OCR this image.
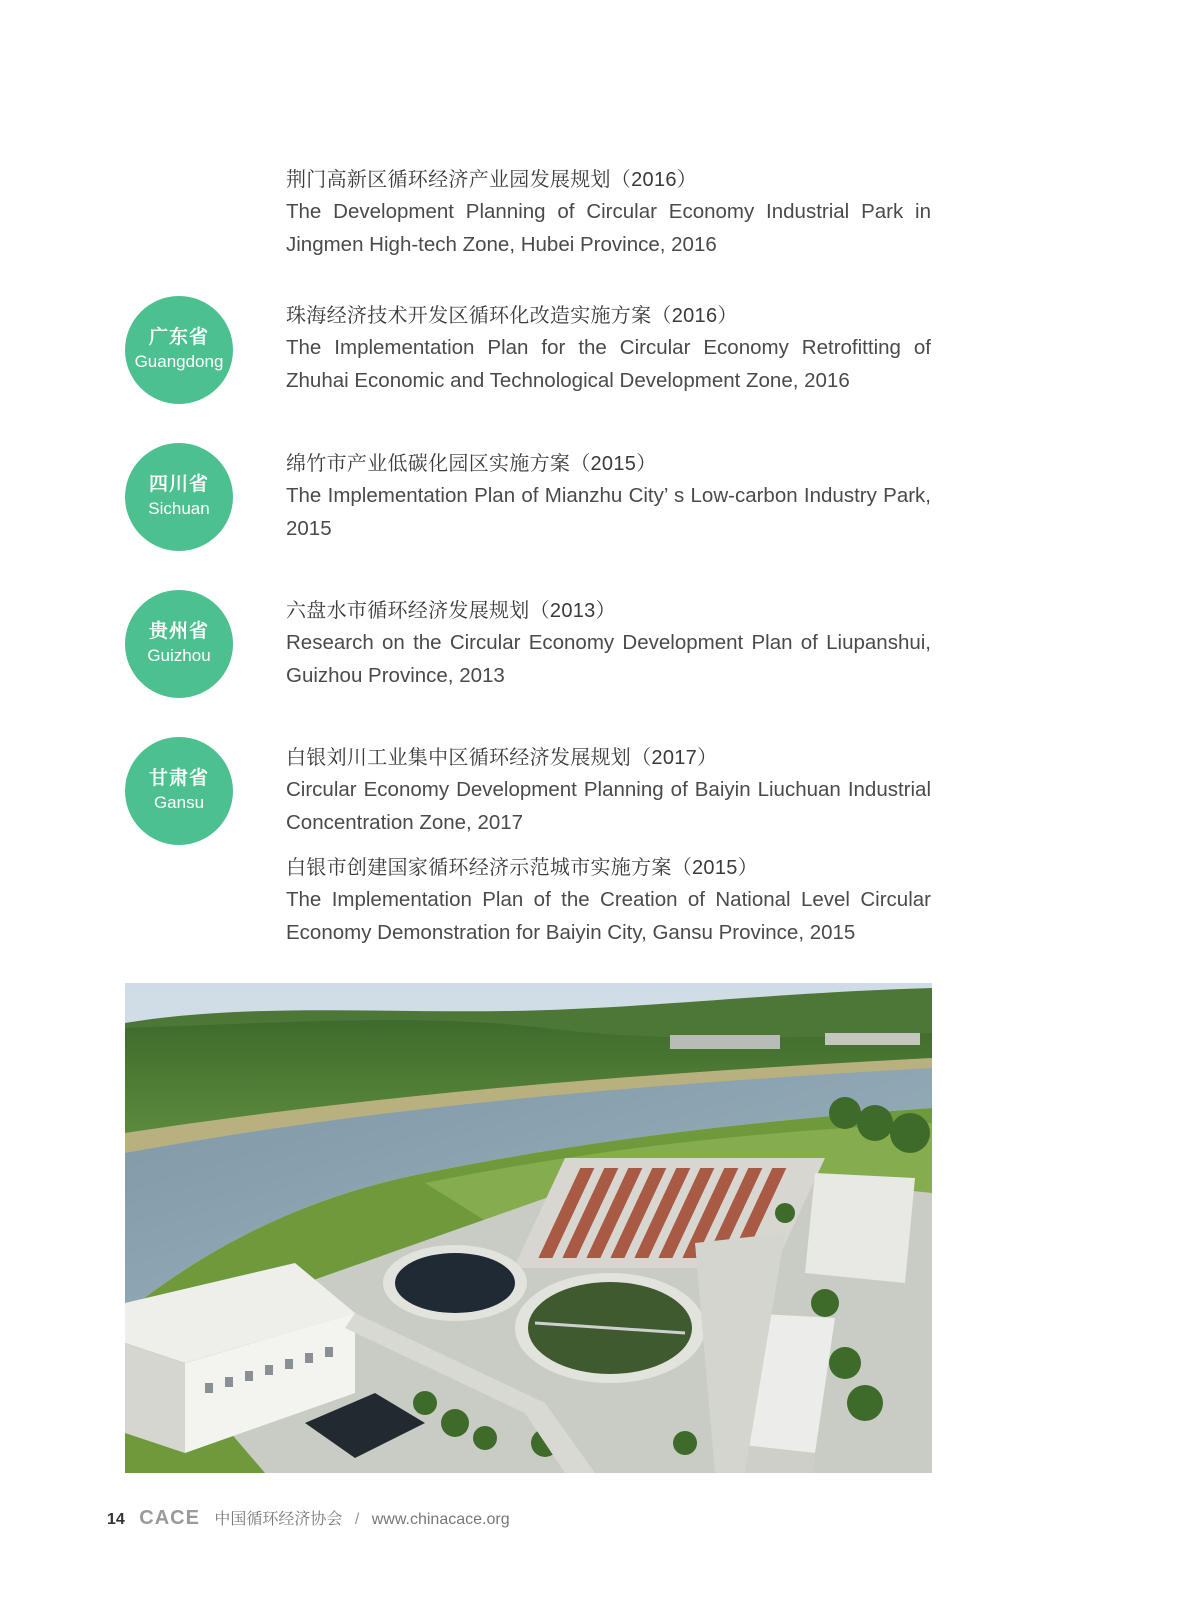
荆门高新区循环经济产业园发展规划（2016）
The Development Planning of Circular Economy Industrial Park in Jingmen High-tech Zone, Hubei Province, 2016
广东省
Guangdong
珠海经济技术开发区循环化改造实施方案（2016）
The Implementation Plan for the Circular Economy Retrofitting of Zhuhai Economic and Technological Development Zone, 2016
四川省
Sichuan
绵竹市产业低碳化园区实施方案（2015）
The Implementation Plan of Mianzhu City’ s Low-carbon Industry Park, 2015
贵州省
Guizhou
六盘水市循环经济发展规划（2013）
Research on the Circular Economy Development Plan of Liupanshui, Guizhou Province, 2013
甘肃省
Gansu
白银刘川工业集中区循环经济发展规划（2017）
Circular Economy Development Planning of Baiyin Liuchuan Industrial Concentration Zone, 2017
白银市创建国家循环经济示范城市实施方案（2015）
The Implementation Plan of the Creation of National Level Circular Economy Demonstration for Baiyin City, Gansu Province, 2015
14 CACE 中国循环经济协会 / www.chinacace.org
